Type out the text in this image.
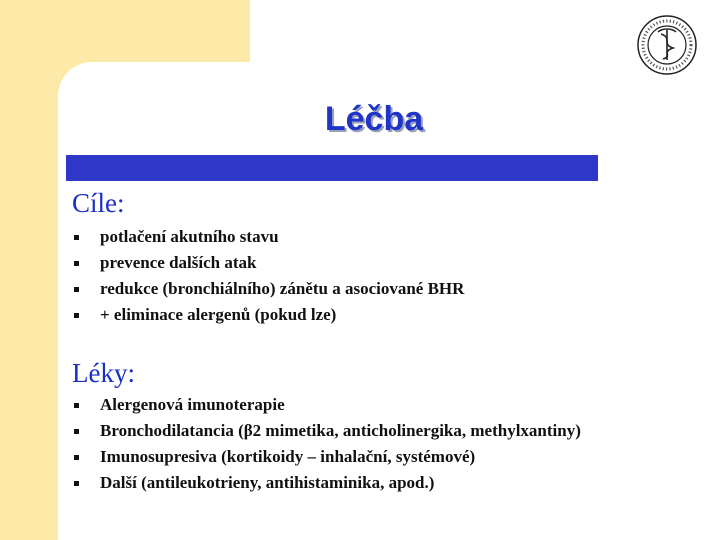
Léčba
Cíle:
potlačení akutního stavu
prevence dalších atak
redukce (bronchiálního) zánětu a asociované BHR
+ eliminace alergenů (pokud lze)
Léky:
Alergenová imunoterapie
Bronchodilatancia (β2 mimetika, anticholinergika, methylxantiny)
Imunosupresiva (kortikoidy – inhalační, systémové)
Další (antileukotrieny, antihistaminika, apod.)
